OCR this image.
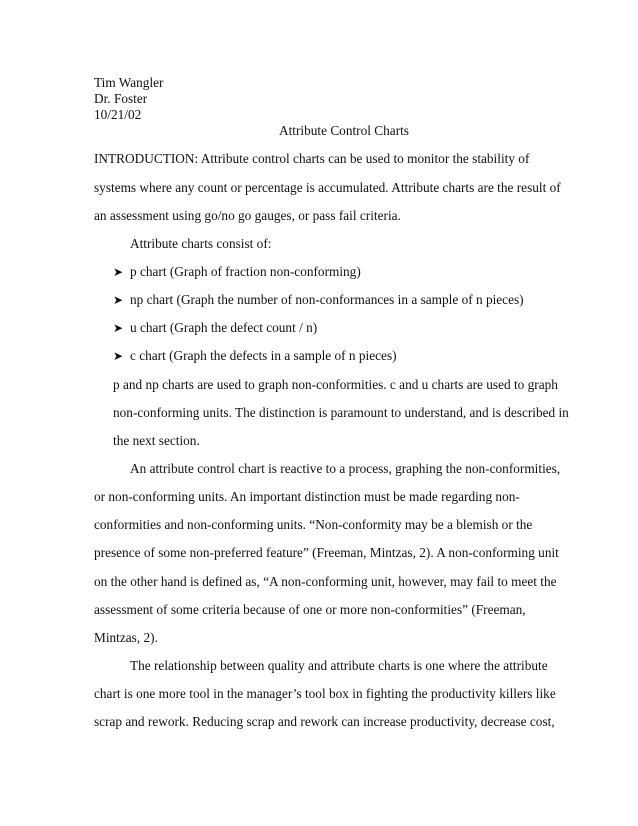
Tim Wangler
Dr. Foster
10/21/02
Attribute Control Charts
INTRODUCTION: Attribute control charts can be used to monitor the stability of
systems where any count or percentage is accumulated. Attribute charts are the result of
an assessment using go/no go gauges, or pass fail criteria.
Attribute charts consist of:
➤ p chart (Graph of fraction non-conforming)
➤ np chart (Graph the number of non-conformances in a sample of n pieces)
➤ u chart (Graph the defect count / n)
➤ c chart (Graph the defects in a sample of n pieces)
p and np charts are used to graph non-conformities. c and u charts are used to graph
non-conforming units. The distinction is paramount to understand, and is described in
the next section.
An attribute control chart is reactive to a process, graphing the non-conformities,
or non-conforming units. An important distinction must be made regarding non-
conformities and non-conforming units. “Non-conformity may be a blemish or the
presence of some non-preferred feature” (Freeman, Mintzas, 2). A non-conforming unit
on the other hand is defined as, “A non-conforming unit, however, may fail to meet the
assessment of some criteria because of one or more non-conformities” (Freeman,
Mintzas, 2).
The relationship between quality and attribute charts is one where the attribute
chart is one more tool in the manager’s tool box in fighting the productivity killers like
scrap and rework. Reducing scrap and rework can increase productivity, decrease cost,
